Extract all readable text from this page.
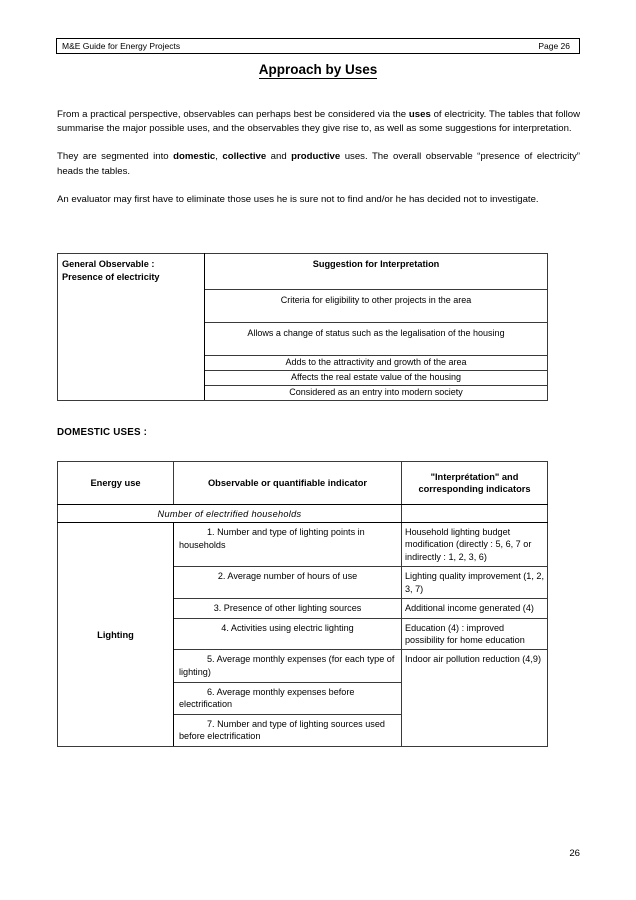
M&E Guide for Energy Projects	Page 26
Approach by Uses

From a practical perspective, observables can perhaps best be considered via the uses of electricity. The tables that follow summarise the major possible uses, and the observables they give rise to, as well as some suggestions for interpretation.

They are segmented into domestic, collective and productive uses. The overall observable “presence of electricity” heads the tables.

An evaluator may first have to eliminate those uses he is sure not to find and/or he has decided not to investigate.

General Observable :
Presence of electricity
	Suggestion for Interpretation
Criteria for eligibility to other projects in the area
Allows a change of status such as the legalisation of the housing
Adds to the attractivity and growth of the area
Affects the real estate value of the housing
Considered as an entry into modern society
DOMESTIC USES :
Energy use	Observable or quantifiable indicator	"Interprétation" and
corresponding indicators

Number of electrified households		
Lighting	1. Number and type of lighting points in households	Household lighting budget modification (directly : 5, 6, 7 or indirectly : 1, 2, 3, 6)
	2. Average number of hours of use	Lighting quality improvement (1, 2, 3, 7)
	3. Presence of other lighting sources	Additional income generated (4)
	4. Activities using electric lighting	Education (4) : improved possibility for home education
	5. Average monthly expenses (for each type of lighting)	Indoor air pollution reduction (4,9)
	6. Average monthly expenses before electrification	
	7. Number and type of lighting sources used before electrification	
26
